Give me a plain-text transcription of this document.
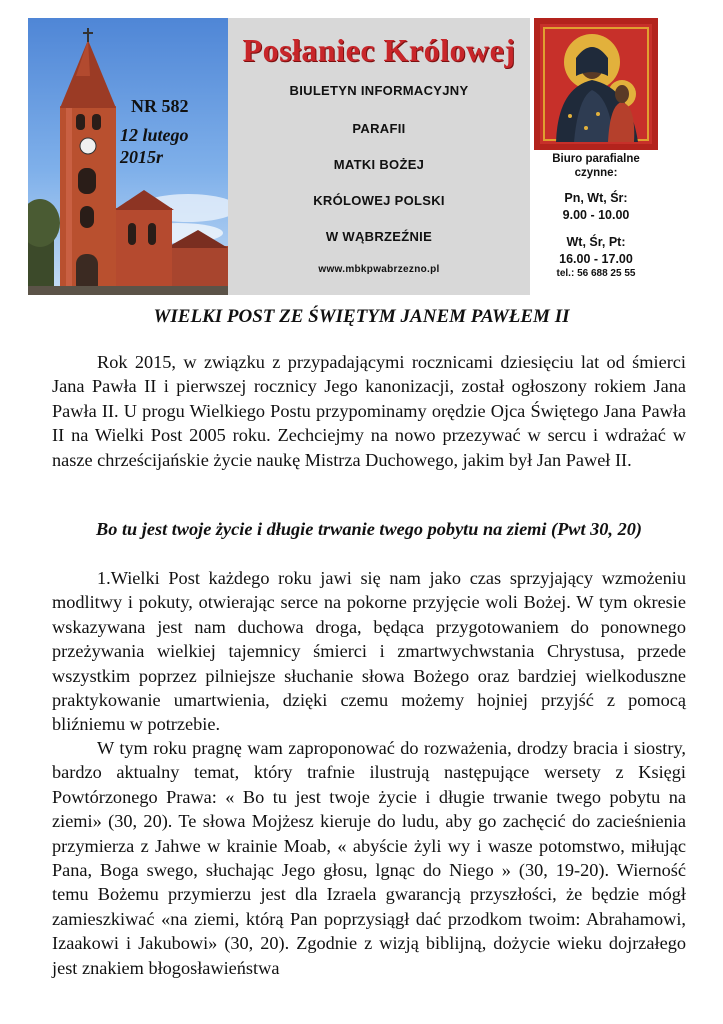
NR 582
12 lutego
2015r
Posłaniec Królowej
BIULETYN INFORMACYJNY
PARAFII
MATKI BOŻEJ
KRÓLOWEJ POLSKI
W WĄBRZEŹNIE
www.mbkpwabrzezno.pl
Biuro parafialne
czynne:
Pn, Wt, Śr:
9.00 - 10.00
Wt, Śr, Pt:
16.00 - 17.00
tel.: 56 688 25 55
WIELKI POST ZE ŚWIĘTYM JANEM PAWŁEM II

Rok 2015, w związku z przypadającymi rocznicami dziesięciu lat od śmierci Jana Pawła II i pierwszej rocznicy Jego kanonizacji, został ogłoszony rokiem Jana Pawła II. U progu Wielkiego Postu przypominamy orędzie Ojca Świętego Jana Pawła II na Wielki Post 2005 roku. Zechciejmy na nowo przezywać w sercu i wdrażać w nasze chrześcijańskie życie naukę Mistrza Duchowego, jakim był Jan Paweł II.

Bo tu jest twoje życie i długie trwanie twego pobytu na ziemi (Pwt 30, 20)

1.Wielki Post każdego roku jawi się nam jako czas sprzyjający wzmożeniu modlitwy i pokuty, otwierając serce na pokorne przyjęcie woli Bożej. W tym okresie wskazywana jest nam duchowa droga, będąca przygotowaniem do ponownego przeżywania wielkiej tajemnicy śmierci i zmartwychwstania Chrystusa, przede wszystkim poprzez pilniejsze słuchanie słowa Bożego oraz bardziej wielkoduszne praktykowanie umartwienia, dzięki czemu możemy hojniej przyjść z pomocą bliźniemu w potrzebie.

W tym roku pragnę wam zaproponować do rozważenia, drodzy bracia i siostry, bardzo aktualny temat, który trafnie ilustrują następujące wersety z Księgi Powtórzonego Prawa: « Bo tu jest twoje życie i długie trwanie twego pobytu na ziemi» (30, 20). Te słowa Mojżesz kieruje do ludu, aby go zachęcić do zacieśnienia przymierza z Jahwe w krainie Moab, « abyście żyli wy i wasze potomstwo, miłując Pana, Boga swego, słuchając Jego głosu, lgnąc do Niego » (30, 19-20). Wierność temu Bożemu przymierzu jest dla Izraela gwarancją przyszłości, że będzie mógł zamieszkiwać «na ziemi, którą Pan poprzysiągł dać przodkom twoim: Abrahamowi, Izaakowi i Jakubowi» (30, 20). Zgodnie z wizją biblijną, dożycie wieku dojrzałego jest znakiem błogosławieństwa
